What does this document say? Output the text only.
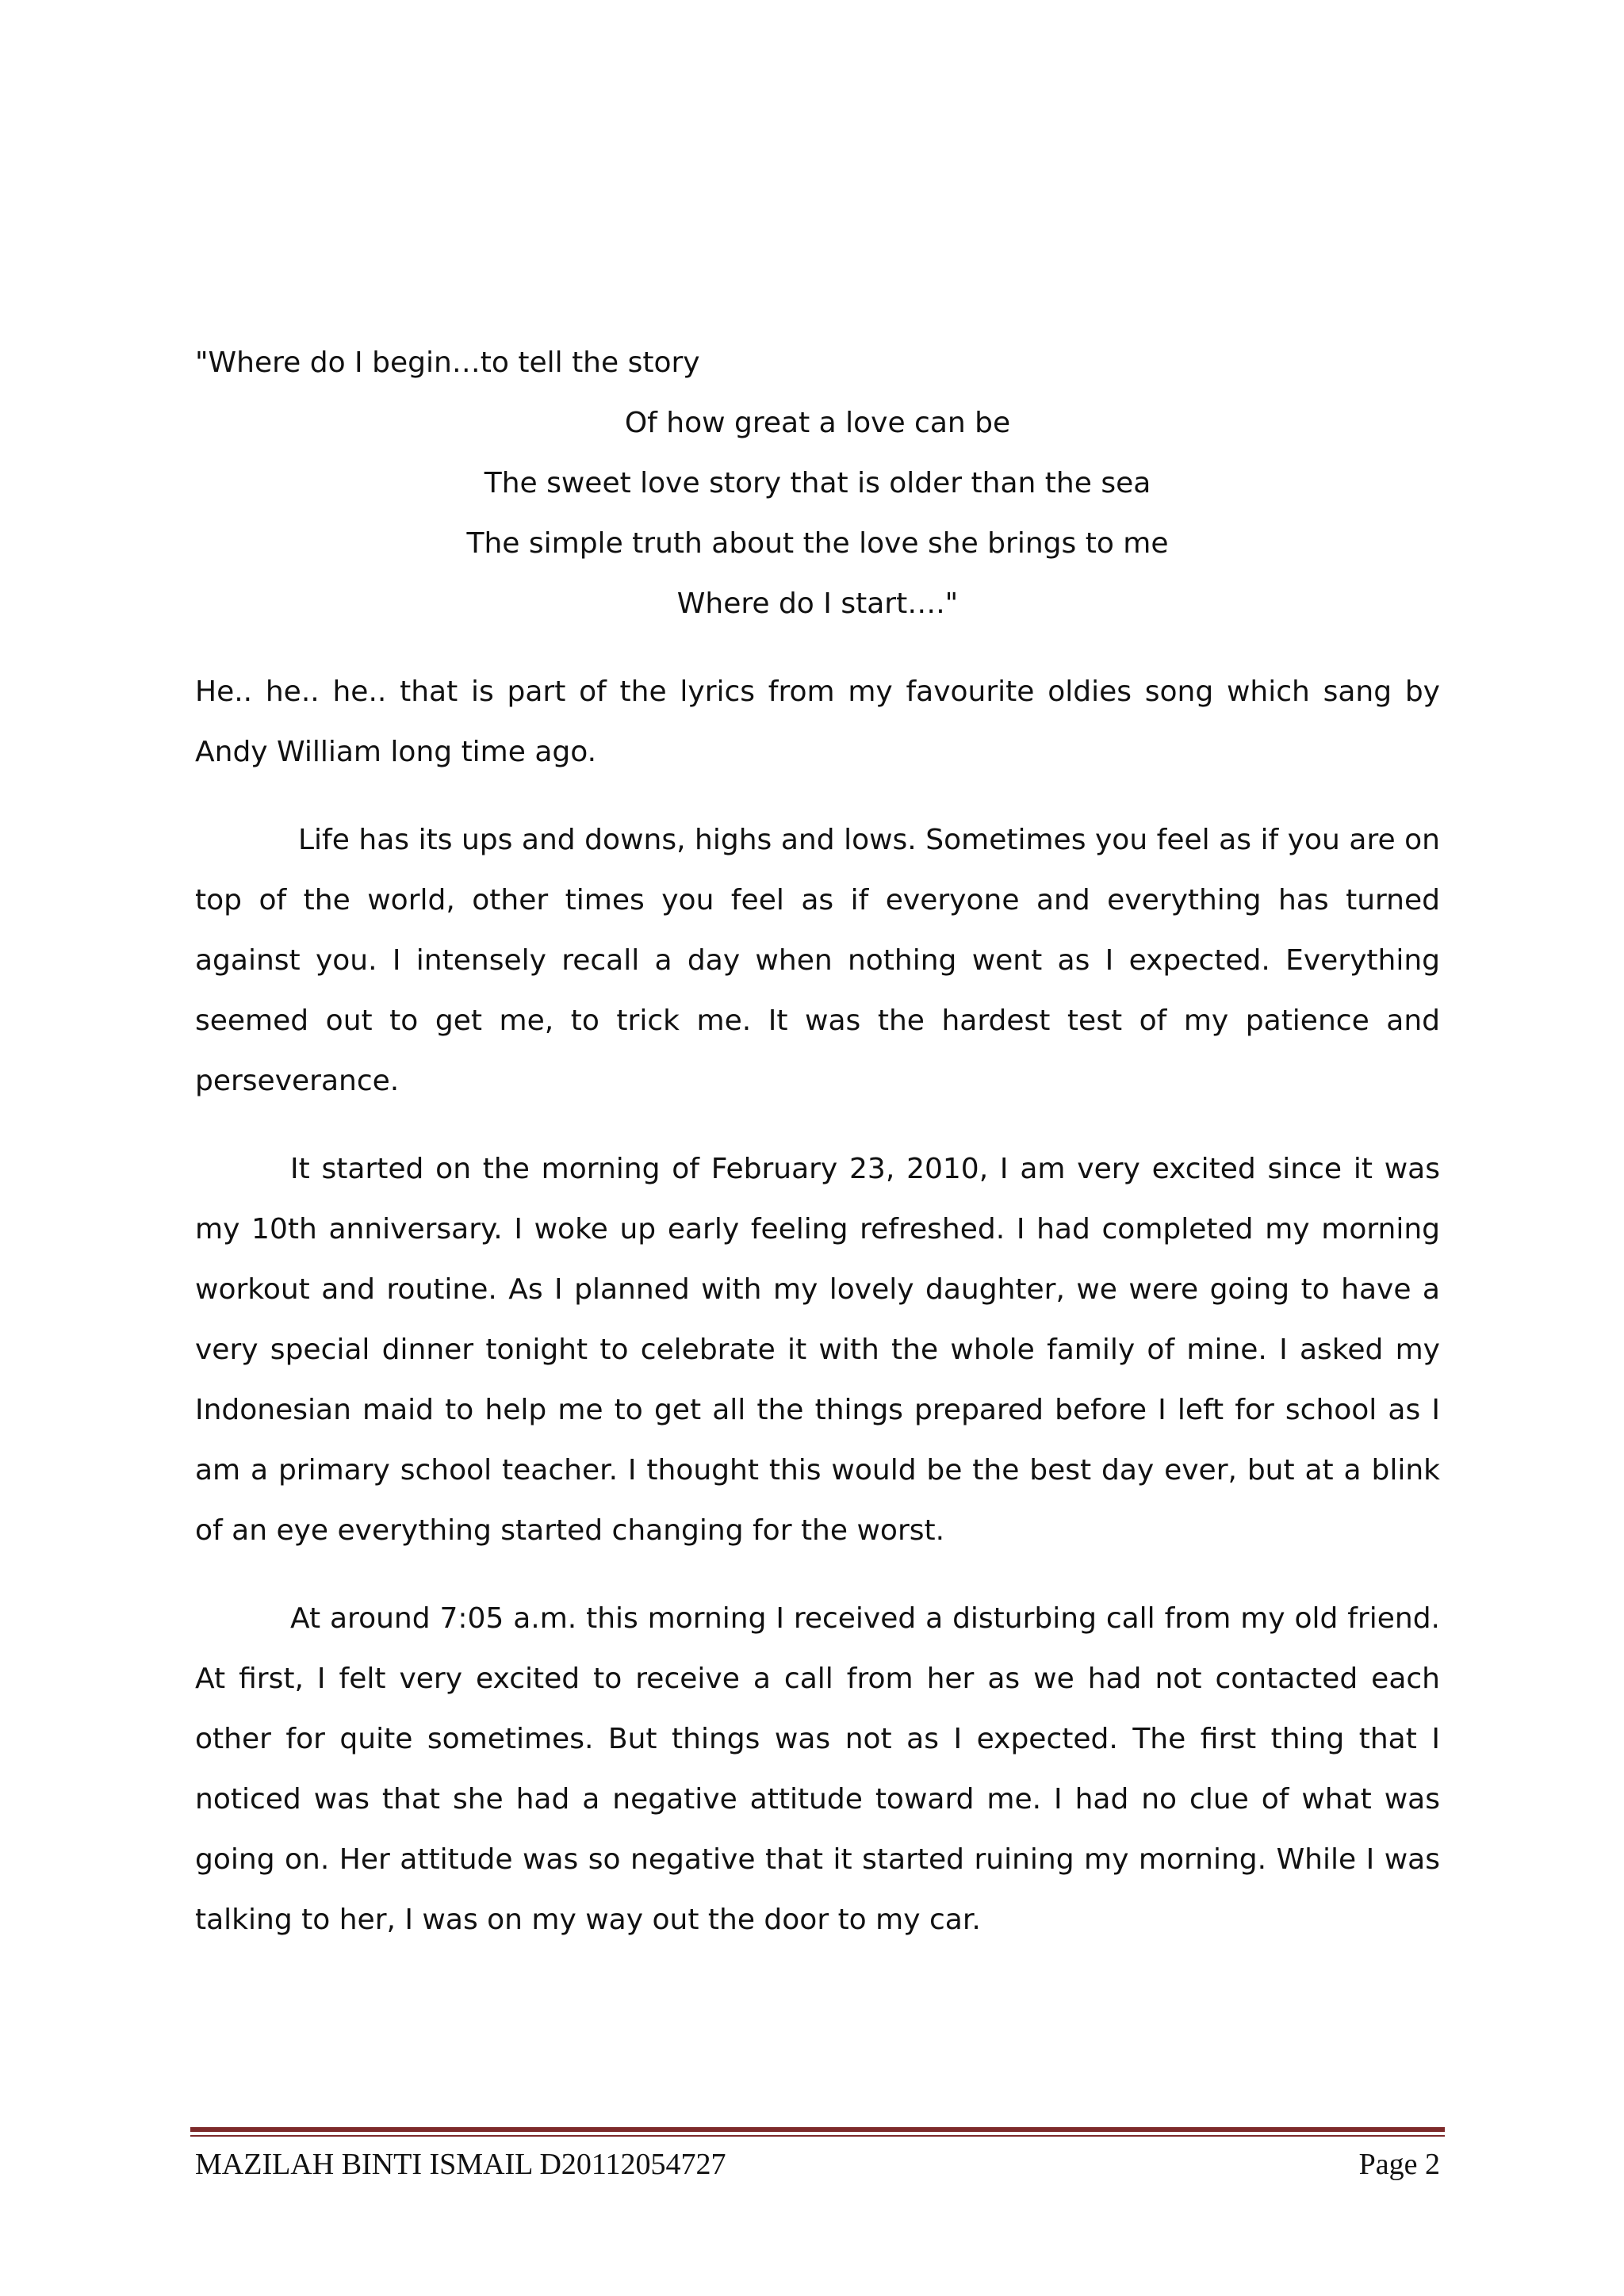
"Where do I begin…to tell the story

Of how great a love can be

The sweet love story that is older than the sea

The simple truth about the love she brings to me

Where do I start…."

He.. he.. he.. that is part of the lyrics from my favourite oldies song which sang by Andy William long time ago.

Life has its ups and downs, highs and lows. Sometimes you feel as if you are on top of the world, other times you feel as if everyone and everything has turned against you. I intensely recall a day when nothing went as I expected. Everything seemed out to get me, to trick me. It was the hardest test of my patience and perseverance.

It started on the morning of February 23, 2010, I am very excited since it was my 10th anniversary. I woke up early feeling refreshed. I had completed my morning workout and routine. As I planned with my lovely daughter, we were going to have a very special dinner tonight to celebrate it with the whole family of mine. I asked my Indonesian maid to help me to get all the things prepared before I left for school as I am a primary school teacher. I thought this would be the best day ever, but at a blink of an eye everything started changing for the worst.

At around 7:05 a.m. this morning I received a disturbing call from my old friend. At first, I felt very excited to receive a call from her as we had not contacted each other for quite sometimes. But things was not as I expected. The first thing that I noticed was that she had a negative attitude toward me. I had no clue of what was going on. Her attitude was so negative that it started ruining my morning. While I was talking to her, I was on my way out the door to my car.

MAZILAH BINTI ISMAIL D20112054727	Page 2
